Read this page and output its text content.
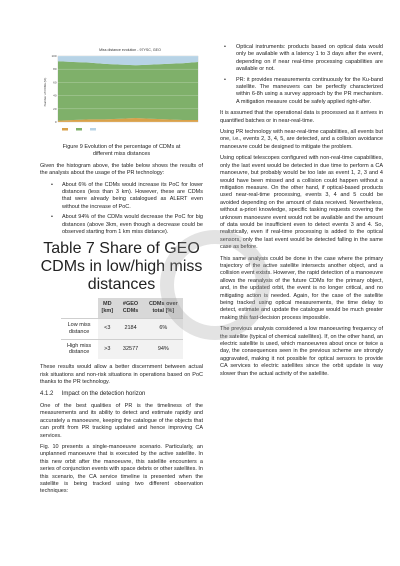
Miss distance evolution - 97YSC, GEO
Number of CDMs (%)
100
80
60
40
20
0
Figure 9 Evolution of the percentage of CDMs at
different miss distances

Given the histogram above, the table below shows the results of the analysis about the usage of the PR technology:

• About 6% of the CDMs would increase its PoC for lower distances (less than 3 km). However, these are CDMs that were already being catalogued as ALERT even without the increase of PoC.
• About 94% of the CDMs would decrease the PoC for big distances (above 3km, even though a decrease could be observed starting from 1 km miss distance).
Table 7 Share of GEO CDMs in low/high miss distances
	MD [km]	#GEO CDMs	CDMs over total [%]
Low miss distance	<3	2184	6%
High miss distance	>3	32577	94%

These results would allow a better discernment between actual risk situations and non-risk situations in operations based on PoC thanks to the PR technology.

4.1.2 Impact on the detection horizon

One of the best qualities of PR is the timeliness of the measurements and its ability to detect and estimate rapidly and accurately a manoeuvre, keeping the catalogue of the objects that can profit from PR tracking updated and hence improving CA services.

Fig. 10 presents a single-manoeuvre scenario. Particularly, an unplanned manoeuvre that is executed by the active satellite. In this new orbit after the manoeuvre, this satellite encounters a series of conjunction events with space debris or other satellites. In this scenario, the CA service timeline is presented when the satellite is being tracked using two different observation techniques:

• Optical instruments: products based on optical data would only be available with a latency 1 to 3 days after the event, depending on if near real-time processing capabilities are available or not.
• PR: it provides measurements continuously for the Ku-band satellite. The maneuvers can be perfectly characterized within 6-8h using a survey approach by the PR mechanism. A mitigation measure could be safely applied right-after.

It is assumed that the operational data is processed as it arrives in quantified batches or in near-real-time.

Using PR technology with near-real-time capabilities, all events but one, i.e., events 2, 3, 4, 5, are detected, and a collision avoidance manoeuvre could be designed to mitigate the problem.

Using optical telescopes configured with non-real-time capabilities, only the last event would be detected in due time to perform a CA manoeuvre, but probably would be too late as event 1, 2, 3 and 4 would have been missed and a collision could happen without a mitigation measure. On the other hand, if optical-based products used near-real-time processing, events 3, 4 and 5 could be avoided depending on the amount of data received. Nevertheless, without a-priori knowledge, specific tasking requests covering the unknown manoeuvre event would not be available and the amount of data would be insufficient even to detect events 3 and 4. So, realistically, even if real-time processing is added to the optical sensors, only the last event would be detected falling in the same case as before.

This same analysis could be done in the case where the primary trajectory of the active satellite intersects another object, and a collision event exists. However, the rapid detection of a manoeuvre allows the reanalysis of the future CDMs for the primary object, and, in the updated orbit, the event is no longer critical, and no mitigating action is needed. Again, for the case of the satellite being tracked using optical measurements, the time delay to detect, estimate and update the catalogue would be much greater making this fast-decision process impossible.

The previous analysis considered a low manoeuvring frequency of the satellite (typical of chemical satellites). If, on the other hand, an electric satellite is used, which manoeuvres about once or twice a day, the consequences seen in the previous scheme are strongly aggravated, making it not possible for optical sensors to provide CA services to electric satellites since the orbit update is way slower than the actual activity of the satellite.
